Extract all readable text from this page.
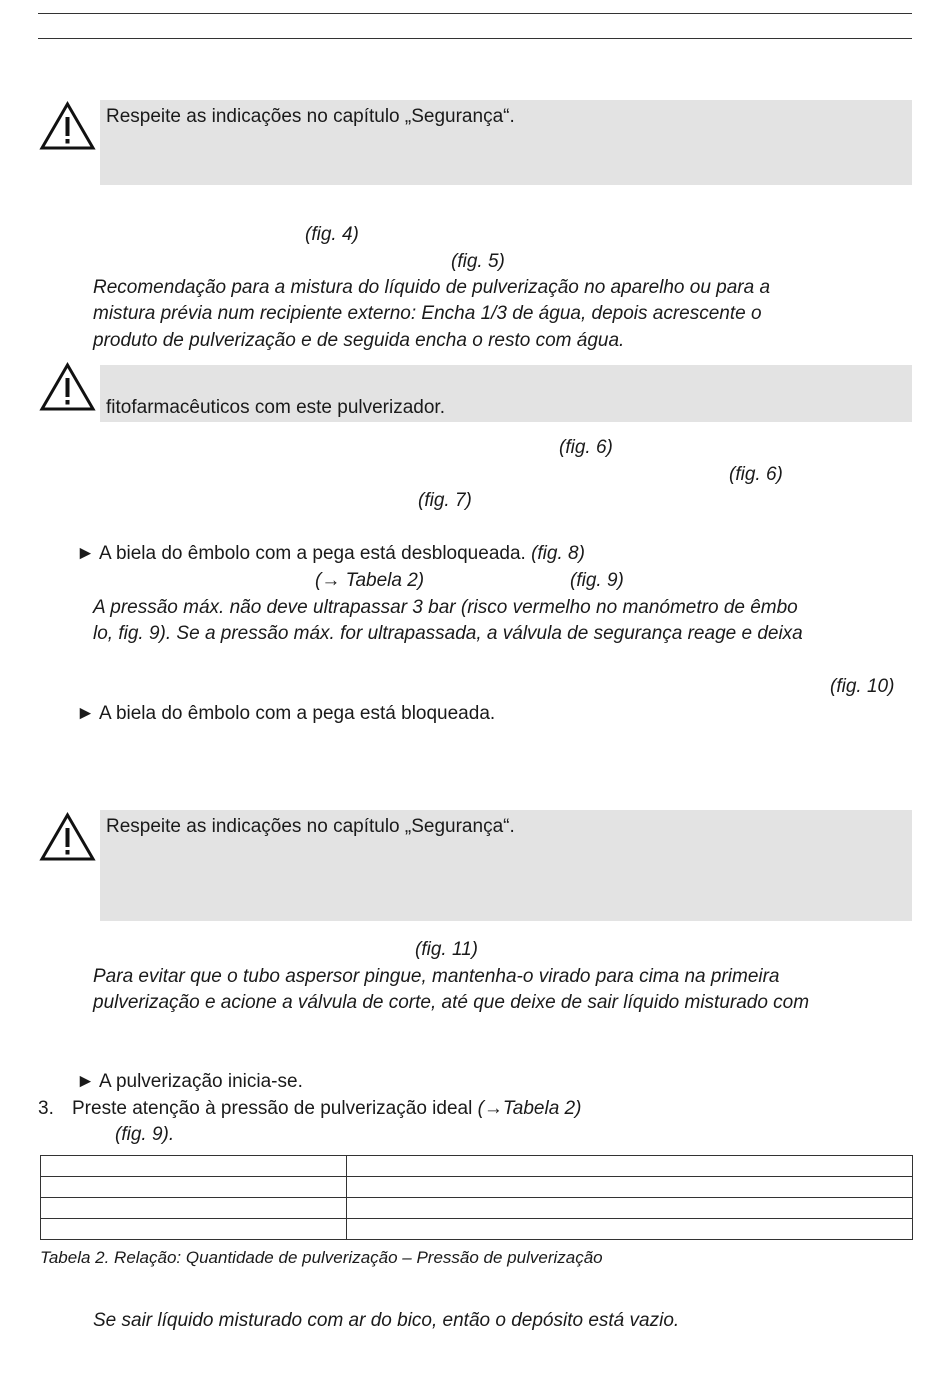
Respeite as indicações no capítulo „Segurança“.
(fig. 4)
(fig. 5)
Recomendação para a mistura do líquido de pulverização no aparelho ou para a
mistura prévia num recipiente externo: Encha 1/3 de água, depois acrescente o
produto de pulverização e de seguida encha o resto com água.
fitofarmacêuticos com este pulverizador.
(fig. 6)
(fig. 6)
(fig. 7)
► A biela do êmbolo com a pega está desbloqueada. (fig. 8)
(→ Tabela 2)	(fig. 9)
A pressão máx. não deve ultrapassar 3 bar (risco vermelho no manómetro de êmbo
lo, fig. 9). Se a pressão máx. for ultrapassada, a válvula de segurança reage e deixa
(fig. 10)
► A biela do êmbolo com a pega está bloqueada.
Respeite as indicações no capítulo „Segurança“.
(fig. 11)
Para evitar que o tubo aspersor pingue, mantenha-o virado para cima na primeira
pulverização e acione a válvula de corte, até que deixe de sair líquido misturado com
► A pulverização inicia-se.
3. Preste atenção à pressão de pulverização ideal (→Tabela 2)
(fig. 9).

Tabela 2. Relação: Quantidade de pulverização – Pressão de pulverização
Se sair líquido misturado com ar do bico, então o depósito está vazio.
